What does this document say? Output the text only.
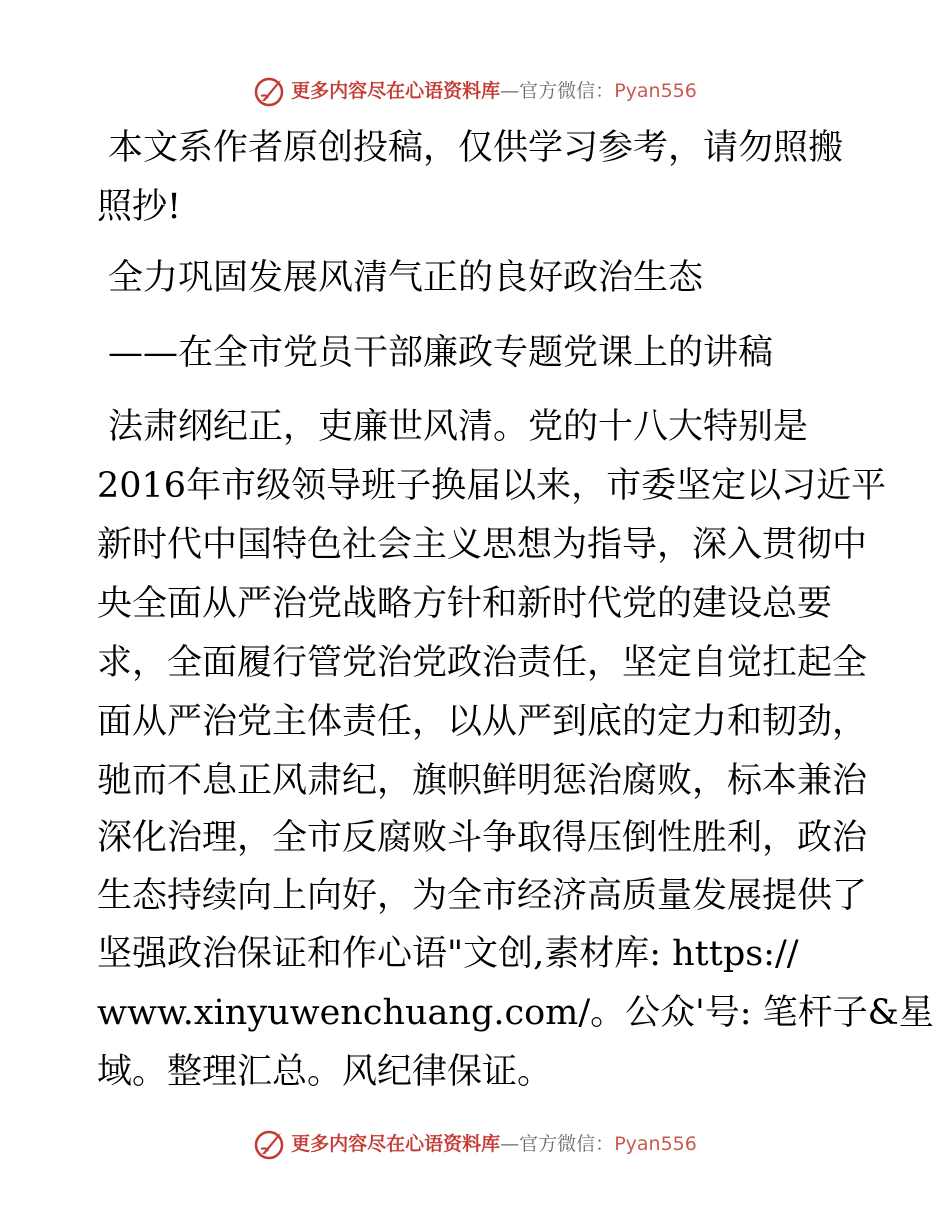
更多内容尽在心语资料库 — 官方微信： Pyan556

本文系作者原创投稿，仅供学习参考，请勿照搬

照抄!

全力巩固发展风清气正的良好政治生态

——在全市党员干部廉政专题党课上的讲稿

法肃纲纪正，吏廉世风清。党的十八大特别是

2016年市级领导班子换届以来，市委坚定以习近平

新时代中国特色社会主义思想为指导，深入贯彻中

央全面从严治党战略方针和新时代党的建设总要

求，全面履行管党治党政治责任，坚定自觉扛起全

面从严治党主体责任，以从严到底的定力和韧劲，

驰而不息正风肃纪，旗帜鲜明惩治腐败，标本兼治

深化治理，全市反腐败斗争取得压倒性胜利，政治

生态持续向上向好，为全市经济高质量发展提供了

坚强政治保证和作心语"文创,素材库: https://

www.xinyuwenchuang.com/。公众'号: 笔杆子&星

域。整理汇总。风纪律保证。

更多内容尽在心语资料库 — 官方微信： Pyan556
